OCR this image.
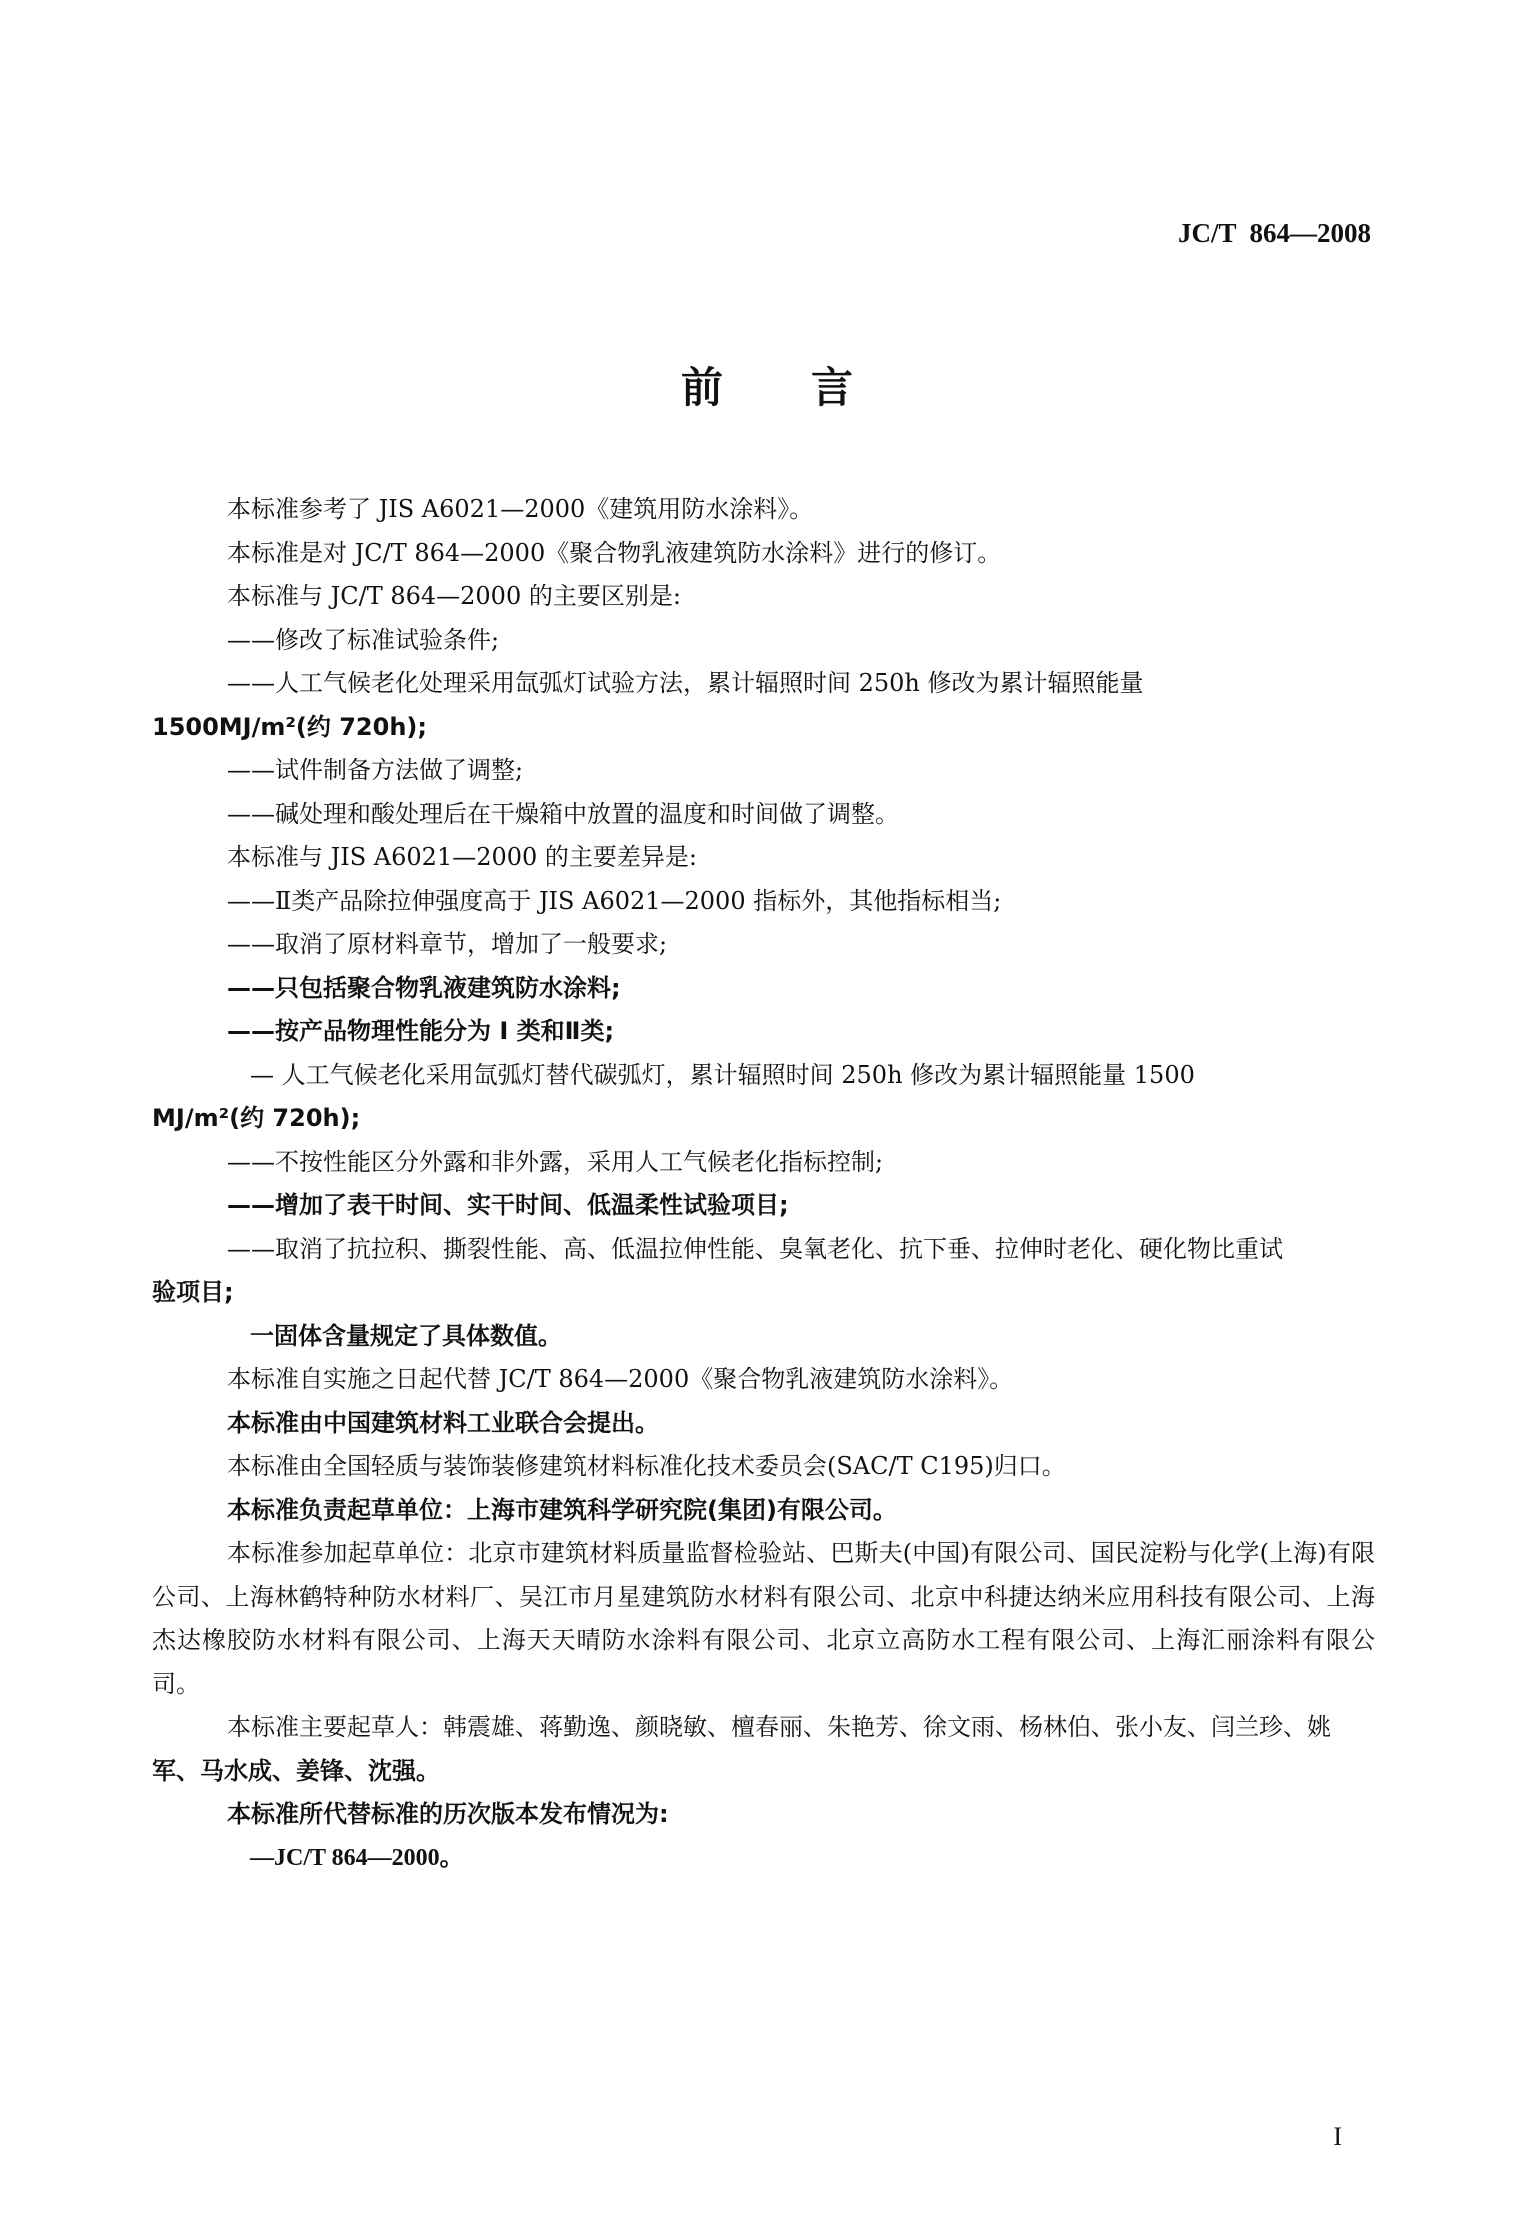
JC/T  864—2008
前言

本标准参考了 JIS A6021—2000《建筑用防水涂料》。

本标准是对 JC/T 864—2000《聚合物乳液建筑防水涂料》进行的修订。

本标准与 JC/T 864—2000 的主要区别是:

——修改了标准试验条件;

——人工气候老化处理采用氙弧灯试验方法，累计辐照时间 250h 修改为累计辐照能量

1500MJ/m²(约 720h);

——试件制备方法做了调整;

——碱处理和酸处理后在干燥箱中放置的温度和时间做了调整。

本标准与 JIS A6021—2000 的主要差异是:

——Ⅱ类产品除拉伸强度高于 JIS A6021—2000 指标外，其他指标相当;

——取消了原材料章节，增加了一般要求;

——只包括聚合物乳液建筑防水涂料;

——按产品物理性能分为 I 类和Ⅱ类;

— 人工气候老化采用氙弧灯替代碳弧灯，累计辐照时间 250h 修改为累计辐照能量 1500

MJ/m²(约 720h);

——不按性能区分外露和非外露，采用人工气候老化指标控制;

——增加了表干时间、实干时间、低温柔性试验项目;

——取消了抗拉积、撕裂性能、高、低温拉伸性能、臭氧老化、抗下垂、拉伸时老化、硬化物比重试

验项目;

一固体含量规定了具体数值。

本标准自实施之日起代替 JC/T 864—2000《聚合物乳液建筑防水涂料》。

本标准由中国建筑材料工业联合会提出。

本标准由全国轻质与装饰装修建筑材料标准化技术委员会(SAC/T C195)归口。

本标准负责起草单位：上海市建筑科学研究院(集团)有限公司。

本标准参加起草单位：北京市建筑材料质量监督检验站、巴斯夫(中国)有限公司、国民淀粉与化学(上海)有限公司、上海林鹤特种防水材料厂、吴江市月星建筑防水材料有限公司、北京中科捷达纳米应用科技有限公司、上海杰达橡胶防水材料有限公司、上海天天晴防水涂料有限公司、北京立高防水工程有限公司、上海汇丽涂料有限公司。

本标准主要起草人：韩震雄、蒋勤逸、颜晓敏、檀春丽、朱艳芳、徐文雨、杨林伯、张小友、闫兰珍、姚

军、马水成、姜锋、沈强。

本标准所代替标准的历次版本发布情况为:

—JC/T 864—2000。

I
